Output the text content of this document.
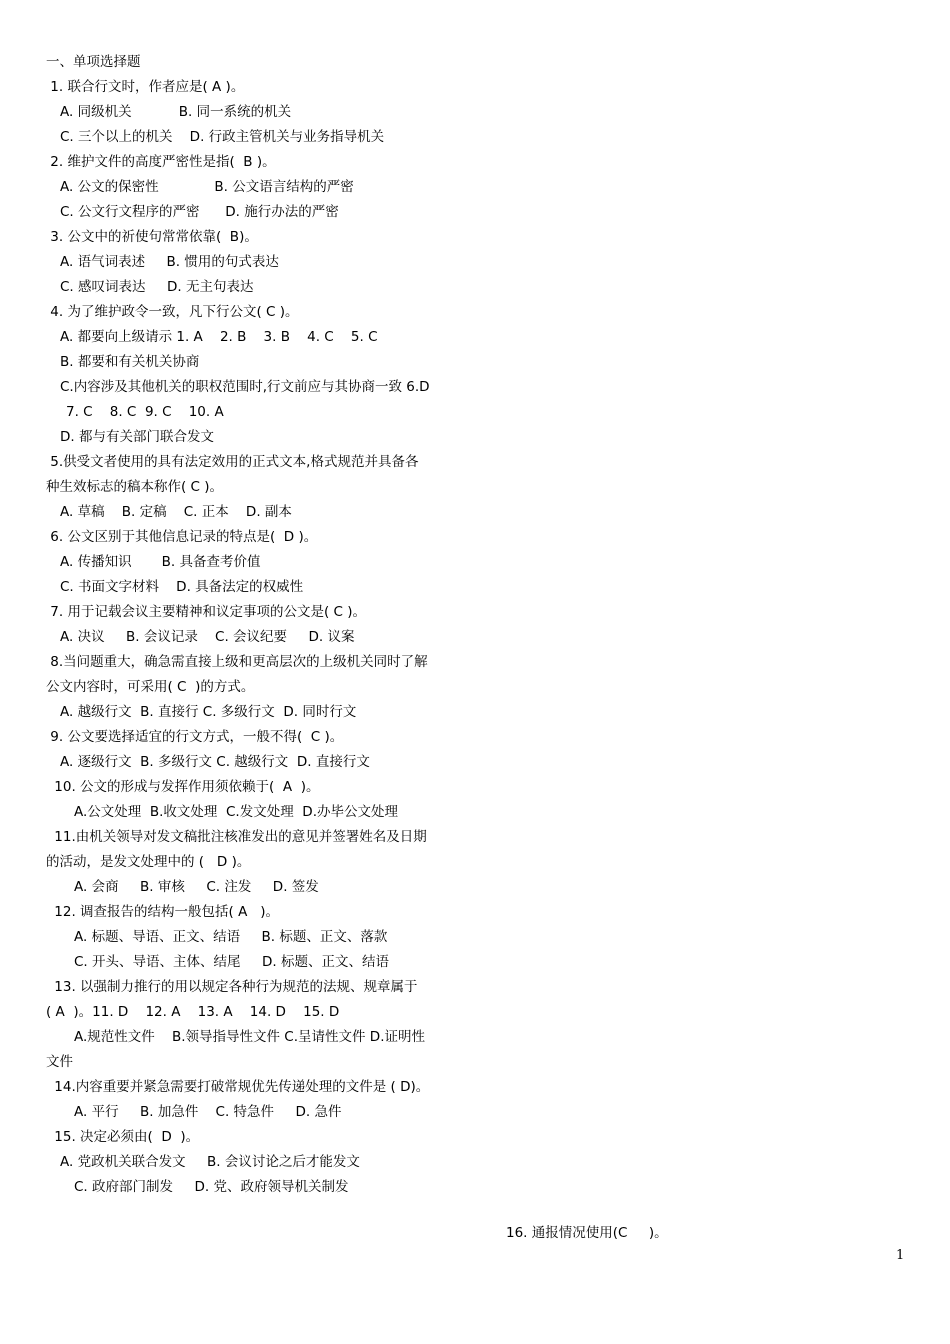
一、单项选择题
1. 联合行文时，作者应是( A )。
A. 同级机关           B. 同一系统的机关
C. 三个以上的机关    D. 行政主管机关与业务指导机关
2. 维护文件的高度严密性是指(  B )。
A. 公文的保密性             B. 公文语言结构的严密
C. 公文行文程序的严密      D. 施行办法的严密
3. 公文中的祈使句常常依靠(  B)。
A. 语气词表述     B. 惯用的句式表达
C. 感叹词表达     D. 无主句表达
4. 为了维护政令一致，凡下行公文( C )。
A. 都要向上级请示 1. A    2. B    3. B    4. C    5. C
B. 都要和有关机关协商
C.内容涉及其他机关的职权范围时,行文前应与其协商一致 6.D
7. C    8. C  9. C    10. A
D. 都与有关部门联合发文
5.供受文者使用的具有法定效用的正式文本,格式规范并具备各
种生效标志的稿本称作( C )。
A. 草稿    B. 定稿    C. 正本    D. 副本
6. 公文区别于其他信息记录的特点是(  D )。
A. 传播知识       B. 具备查考价值
C. 书面文字材料    D. 具备法定的权威性
7. 用于记载会议主要精神和议定事项的公文是( C )。
A. 决议     B. 会议记录    C. 会议纪要     D. 议案
8.当问题重大，确急需直接上级和更高层次的上级机关同时了解
公文内容时，可采用( C  )的方式。
A. 越级行文  B. 直接行 C. 多级行文  D. 同时行文
9. 公文要选择适宜的行文方式，一般不得(  C )。
A. 逐级行文  B. 多级行文 C. 越级行文  D. 直接行文
10. 公文的形成与发挥作用须依赖于(  A  )。
A.公文处理  B.收文处理  C.发文处理  D.办毕公文处理
11.由机关领导对发文稿批注核准发出的意见并签署姓名及日期
的活动，是发文处理中的 (   D )。
A. 会商     B. 审核     C. 注发     D. 签发
12. 调查报告的结构一般包括( A   )。
A. 标题、导语、正文、结语     B. 标题、正文、落款
C. 开头、导语、主体、结尾     D. 标题、正文、结语
13. 以强制力推行的用以规定各种行为规范的法规、规章属于
( A  )。11. D    12. A    13. A    14. D    15. D
A.规范性文件    B.领导指导性文件 C.呈请性文件 D.证明性
文件
14.内容重要并紧急需要打破常规优先传递处理的文件是 ( D)。
A. 平行     B. 加急件    C. 特急件     D. 急件
15. 决定必须由(  D  )。
A. 党政机关联合发文     B. 会议讨论之后才能发文
C. 政府部门制发     D. 党、政府领导机关制发
16. 通报情况使用(C     )。
1
